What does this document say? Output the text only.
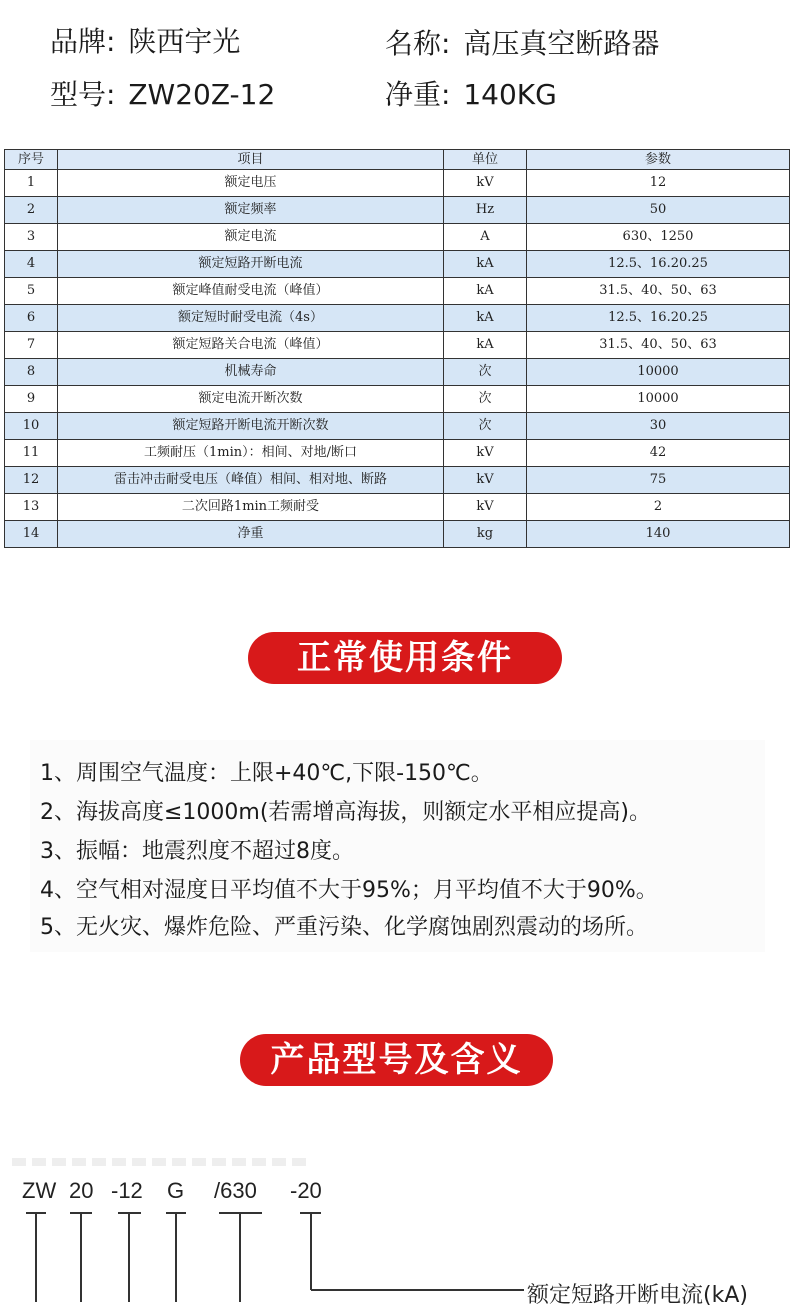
品牌: 陕西宇光	名称: 高压真空断路器
型号: ZW20Z-12	净重: 140KG
序号	项目	单位	参数
1	额定电压	kV	12
2	额定频率	Hz	50
3	额定电流	A	630、1250
4	额定短路开断电流	kA	12.5、16.20.25
5	额定峰值耐受电流（峰值）	kA	31.5、40、50、63
6	额定短时耐受电流（4s）	kA	12.5、16.20.25
7	额定短路关合电流（峰值）	kA	31.5、40、50、63
8	机械寿命	次	10000
9	额定电流开断次数	次	10000
10	额定短路开断电流开断次数	次	30
11	工频耐压（1min）：相间、对地/断口	kV	42
12	雷击冲击耐受电压（峰值）相间、相对地、断路	kV	75
13	二次回路1min工频耐受	kV	2
14	净重	kg	140
正常使用条件
1、周围空气温度：上限+40℃,下限-150℃。
2、海拔高度≤1000m(若需增高海拔，则额定水平相应提高)。
3、振幅：地震烈度不超过8度。
4、空气相对湿度日平均值不大于95%；月平均值不大于90%。
5、无火灾、爆炸危险、严重污染、化学腐蚀剧烈震动的场所。
产品型号及含义
ZW 20 -12 G /630 -20
额定短路开断电流(kA)
